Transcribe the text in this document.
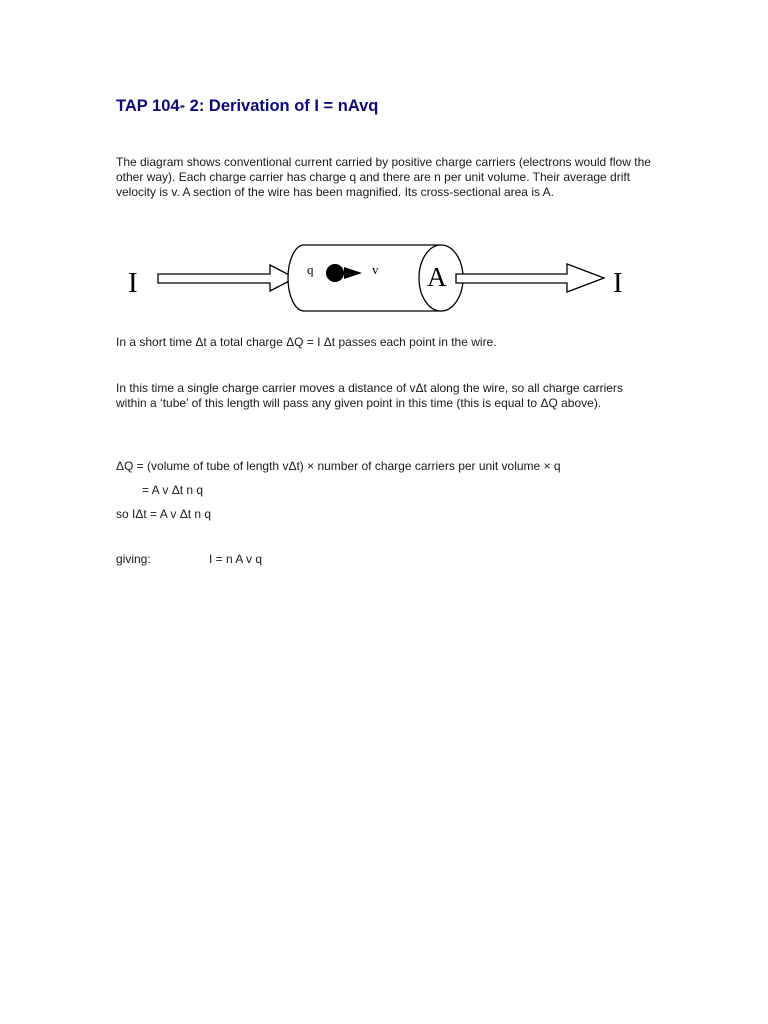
TAP 104- 2: Derivation of I = nAvq

The diagram shows conventional current carried by positive charge carriers (electrons would flow the other way). Each charge carrier has charge q and there are n per unit volume. Their average drift velocity is v. A section of the wire has been magnified. Its cross-sectional area is A.

I	q	v A	I

In a short time Δt a total charge ΔQ = I Δt passes each point in the wire.

In this time a single charge carrier moves a distance of vΔt along the wire, so all charge carriers within a ‘tube’ of this length will pass any given point in this time (this is equal to ΔQ above).

ΔQ = (volume of tube of length vΔt) × number of charge carriers per unit volume × q
= A v Δt n q
so IΔt = A v Δt n q
giving:	I = n A v q
